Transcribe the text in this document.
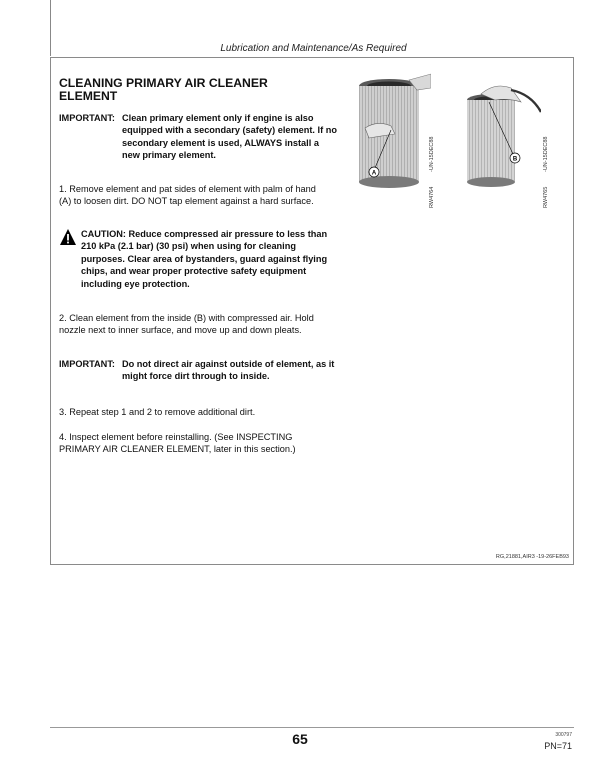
Lubrication and Maintenance/As Required
CLEANING PRIMARY AIR CLEANER
ELEMENT
IMPORTANT: Clean primary element only if engine is also equipped with a secondary (safety) element. If no secondary element is used, ALWAYS install a new primary element.
1. Remove element and pat sides of element with palm of hand (A) to loosen dirt. DO NOT tap element against a hard surface.
CAUTION: Reduce compressed air pressure to less than 210 kPa (2.1 bar) (30 psi) when using for cleaning purposes. Clear area of bystanders, guard against flying chips, and wear proper protective safety equipment including eye protection.
2. Clean element from the inside (B) with compressed air. Hold nozzle next to inner surface, and move up and down pleats.
IMPORTANT: Do not direct air against outside of element, as it might force dirt through to inside.
3. Repeat step 1 and 2 to remove additional dirt.
4. Inspect element before reinstalling. (See INSPECTING PRIMARY AIR CLEANER ELEMENT, later in this section.)
A
-UN-15DEC88
RW4764
B	-UN-15DEC88
RW4765
RG,21881,AIR3 -19-26FEB93
65	300797
PN=71
